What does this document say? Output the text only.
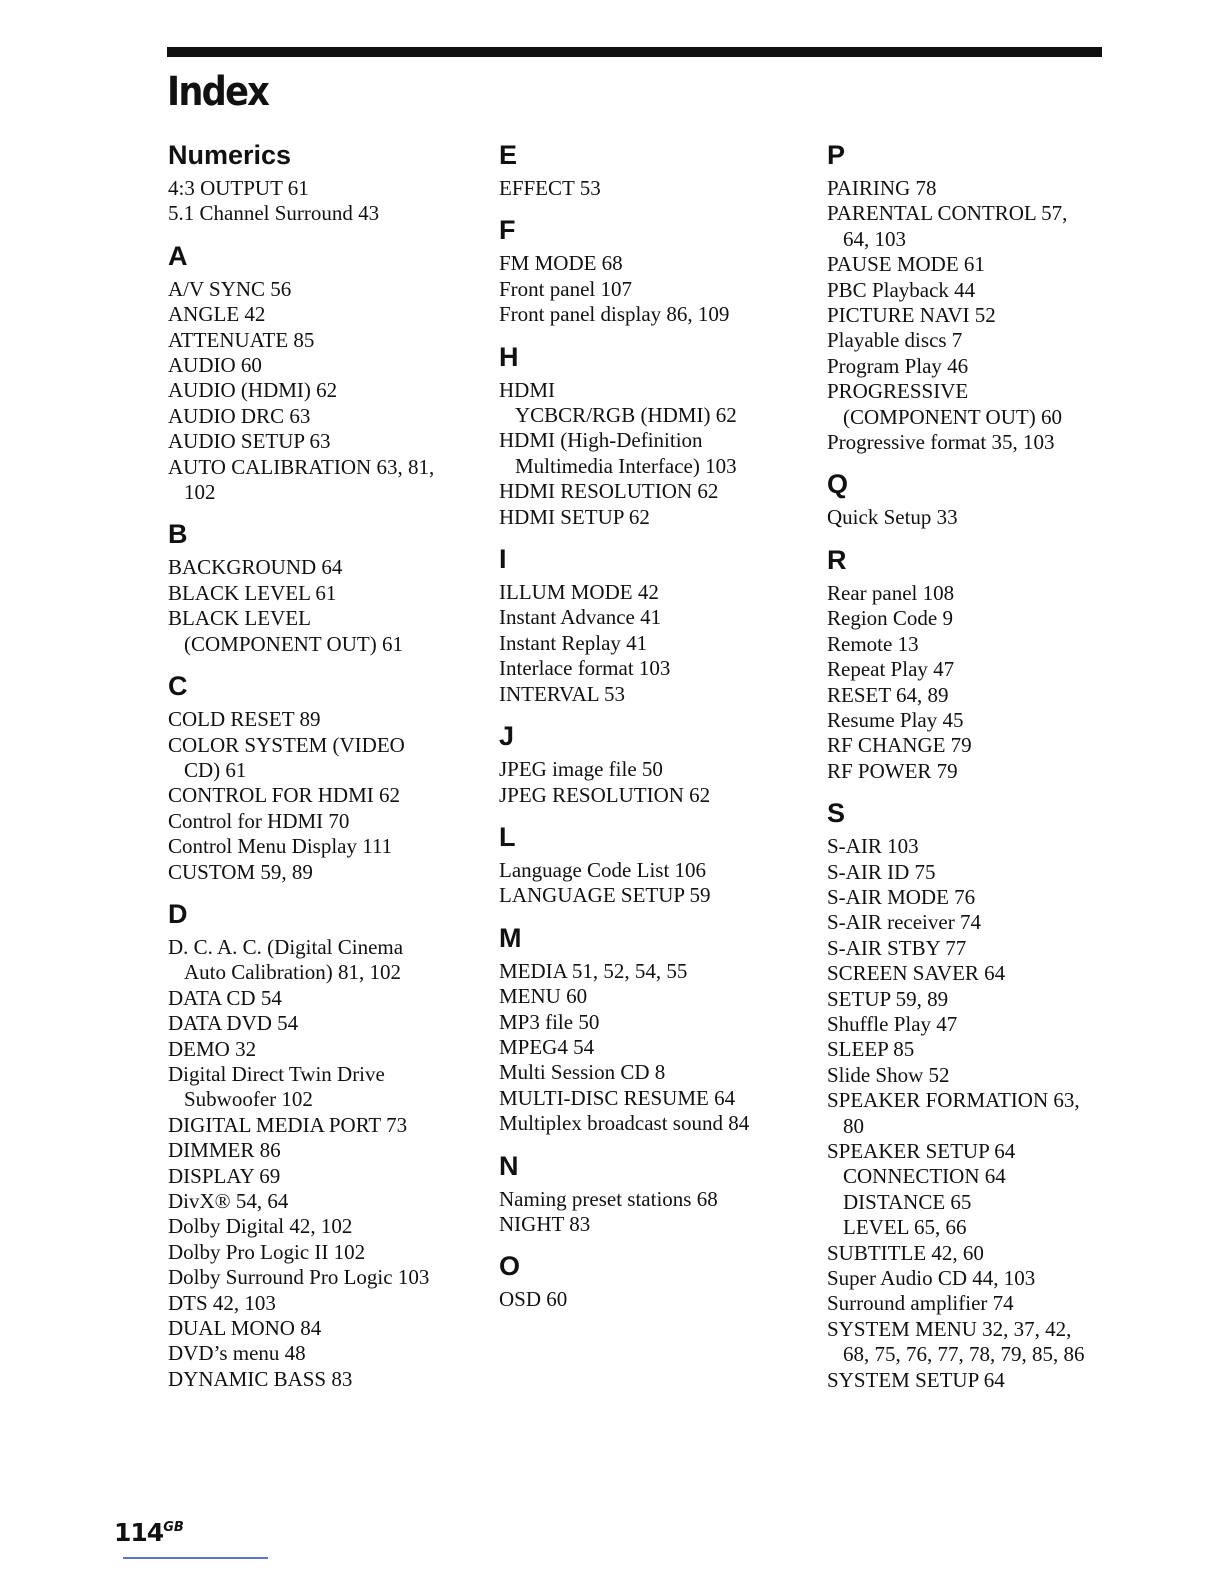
Index
Numerics
4:3 OUTPUT 61
5.1 Channel Surround 43
A
A/V SYNC 56
ANGLE 42
ATTENUATE 85
AUDIO 60
AUDIO (HDMI) 62
AUDIO DRC 63
AUDIO SETUP 63
AUTO CALIBRATION 63, 81,
102
B
BACKGROUND 64
BLACK LEVEL 61
BLACK LEVEL
(COMPONENT OUT) 61
C
COLD RESET 89
COLOR SYSTEM (VIDEO
CD) 61
CONTROL FOR HDMI 62
Control for HDMI 70
Control Menu Display 111
CUSTOM 59, 89
D
D. C. A. C. (Digital Cinema
Auto Calibration) 81, 102
DATA CD 54
DATA DVD 54
DEMO 32
Digital Direct Twin Drive
Subwoofer 102
DIGITAL MEDIA PORT 73
DIMMER 86
DISPLAY 69
DivX® 54, 64
Dolby Digital 42, 102
Dolby Pro Logic II 102
Dolby Surround Pro Logic 103
DTS 42, 103
DUAL MONO 84
DVD’s menu 48
DYNAMIC BASS 83
E
EFFECT 53
F
FM MODE 68
Front panel 107
Front panel display 86, 109
H
HDMI
YCBCR/RGB (HDMI) 62
HDMI (High-Definition
Multimedia Interface) 103
HDMI RESOLUTION 62
HDMI SETUP 62
I
ILLUM MODE 42
Instant Advance 41
Instant Replay 41
Interlace format 103
INTERVAL 53
J
JPEG image file 50
JPEG RESOLUTION 62
L
Language Code List 106
LANGUAGE SETUP 59
M
MEDIA 51, 52, 54, 55
MENU 60
MP3 file 50
MPEG4 54
Multi Session CD 8
MULTI-DISC RESUME 64
Multiplex broadcast sound 84
N
Naming preset stations 68
NIGHT 83
O
OSD 60
P
PAIRING 78
PARENTAL CONTROL 57,
64, 103
PAUSE MODE 61
PBC Playback 44
PICTURE NAVI 52
Playable discs 7
Program Play 46
PROGRESSIVE
(COMPONENT OUT) 60
Progressive format 35, 103
Q
Quick Setup 33
R
Rear panel 108
Region Code 9
Remote 13
Repeat Play 47
RESET 64, 89
Resume Play 45
RF CHANGE 79
RF POWER 79
S
S-AIR 103
S-AIR ID 75
S-AIR MODE 76
S-AIR receiver 74
S-AIR STBY 77
SCREEN SAVER 64
SETUP 59, 89
Shuffle Play 47
SLEEP 85
Slide Show 52
SPEAKER FORMATION 63,
80
SPEAKER SETUP 64
CONNECTION 64
DISTANCE 65
LEVEL 65, 66
SUBTITLE 42, 60
Super Audio CD 44, 103
Surround amplifier 74
SYSTEM MENU 32, 37, 42,
68, 75, 76, 77, 78, 79, 85, 86
SYSTEM SETUP 64
$114^{GB}$
